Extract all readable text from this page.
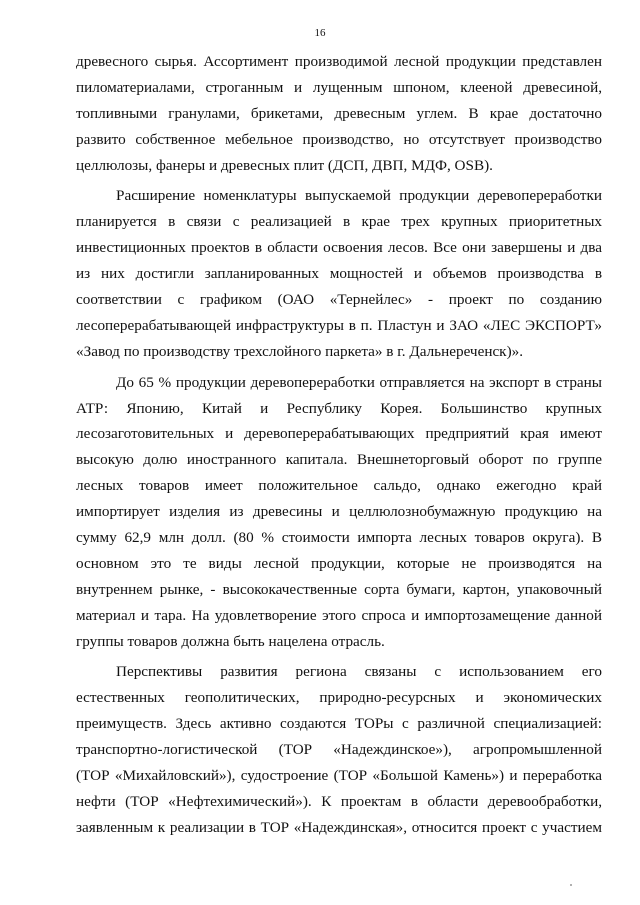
16
древесного сырья. Ассортимент производимой лесной продукции представлен
пиломатериалами, строганным и лущенным шпоном, клееной древесиной,
топливными гранулами, брикетами, древесным углем. В крае достаточно
развито собственное мебельное производство, но отсутствует производство
целлюлозы, фанеры и древесных плит (ДСП, ДВП, МДФ, OSB).
Расширение номенклатуры выпускаемой продукции деревопереработки
планируется в связи с реализацией в крае трех крупных приоритетных
инвестиционных проектов в области освоения лесов. Все они завершены и два
из них достигли запланированных мощностей и объемов производства в
соответствии с графиком (ОАО «Тернейлес» - проект по созданию
лесоперерабатывающей инфраструктуры в п. Пластун и ЗАО «ЛЕС ЭКСПОРТ»
«Завод по производству трехслойного паркета» в г. Дальнереченск)».
До 65 % продукции деревопереработки отправляется на экспорт в страны
АТР: Японию, Китай и Республику Корея. Большинство крупных
лесозаготовительных и деревоперерабатывающих предприятий края имеют
высокую долю иностранного капитала. Внешнеторговый оборот по группе
лесных товаров имеет положительное сальдо, однако ежегодно край
импортирует изделия из древесины и целлюлознобумажную продукцию на
сумму 62,9 млн долл. (80 % стоимости импорта лесных товаров округа). В
основном это те виды лесной продукции, которые не производятся на
внутреннем рынке, - высококачественные сорта бумаги, картон, упаковочный
материал и тара. На удовлетворение этого спроса и импортозамещение данной
группы товаров должна быть нацелена отрасль.
Перспективы развития региона связаны с использованием его
естественных геополитических, природно-ресурсных и экономических
преимуществ. Здесь активно создаются ТОРы с различной специализацией:
транспортно-логистической (ТОР «Надеждинское»), агропромышленной
(ТОР «Михайловский»), судостроение (ТОР «Большой Камень») и переработка
нефти (ТОР «Нефтехимический»). К проектам в области деревообработки,
заявленным к реализации в ТОР «Надеждинская», относится проект с участием
